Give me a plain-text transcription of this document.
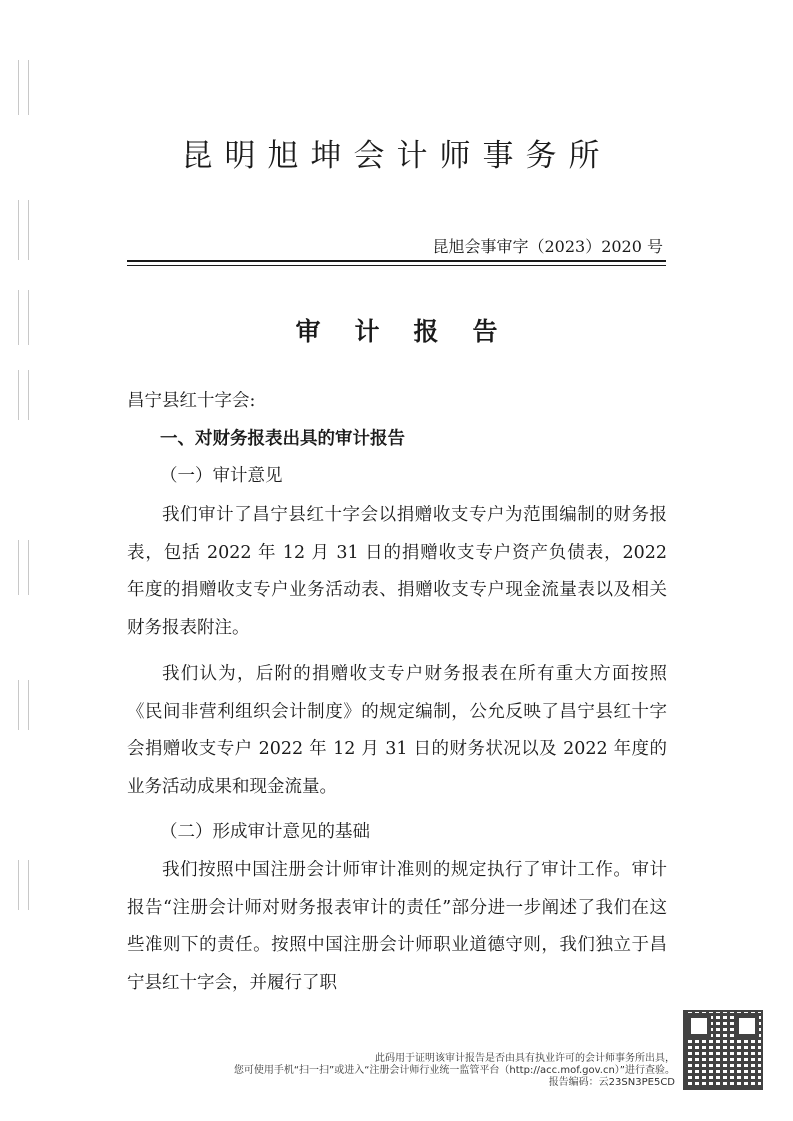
昆明旭坤会计师事务所
昆旭会事审字（2023）2020 号
审计报告
昌宁县红十字会:
一、对财务报表出具的审计报告
（一）审计意见
我们审计了昌宁县红十字会以捐赠收支专户为范围编制的财务报表，包括 2022 年 12 月 31 日的捐赠收支专户资产负债表，2022 年度的捐赠收支专户业务活动表、捐赠收支专户现金流量表以及相关财务报表附注。
我们认为，后附的捐赠收支专户财务报表在所有重大方面按照《民间非营利组织会计制度》的规定编制，公允反映了昌宁县红十字会捐赠收支专户 2022 年 12 月 31 日的财务状况以及 2022 年度的业务活动成果和现金流量。
（二）形成审计意见的基础
我们按照中国注册会计师审计准则的规定执行了审计工作。审计报告“注册会计师对财务报表审计的责任”部分进一步阐述了我们在这些准则下的责任。按照中国注册会计师职业道德守则，我们独立于昌宁县红十字会，并履行了职
此码用于证明该审计报告是否由具有执业许可的会计师事务所出具，
您可使用手机“扫一扫”或进入“注册会计师行业统一监管平台（http://acc.mof.gov.cn）”进行查验。
报告编码：云23SN3PE5CD
